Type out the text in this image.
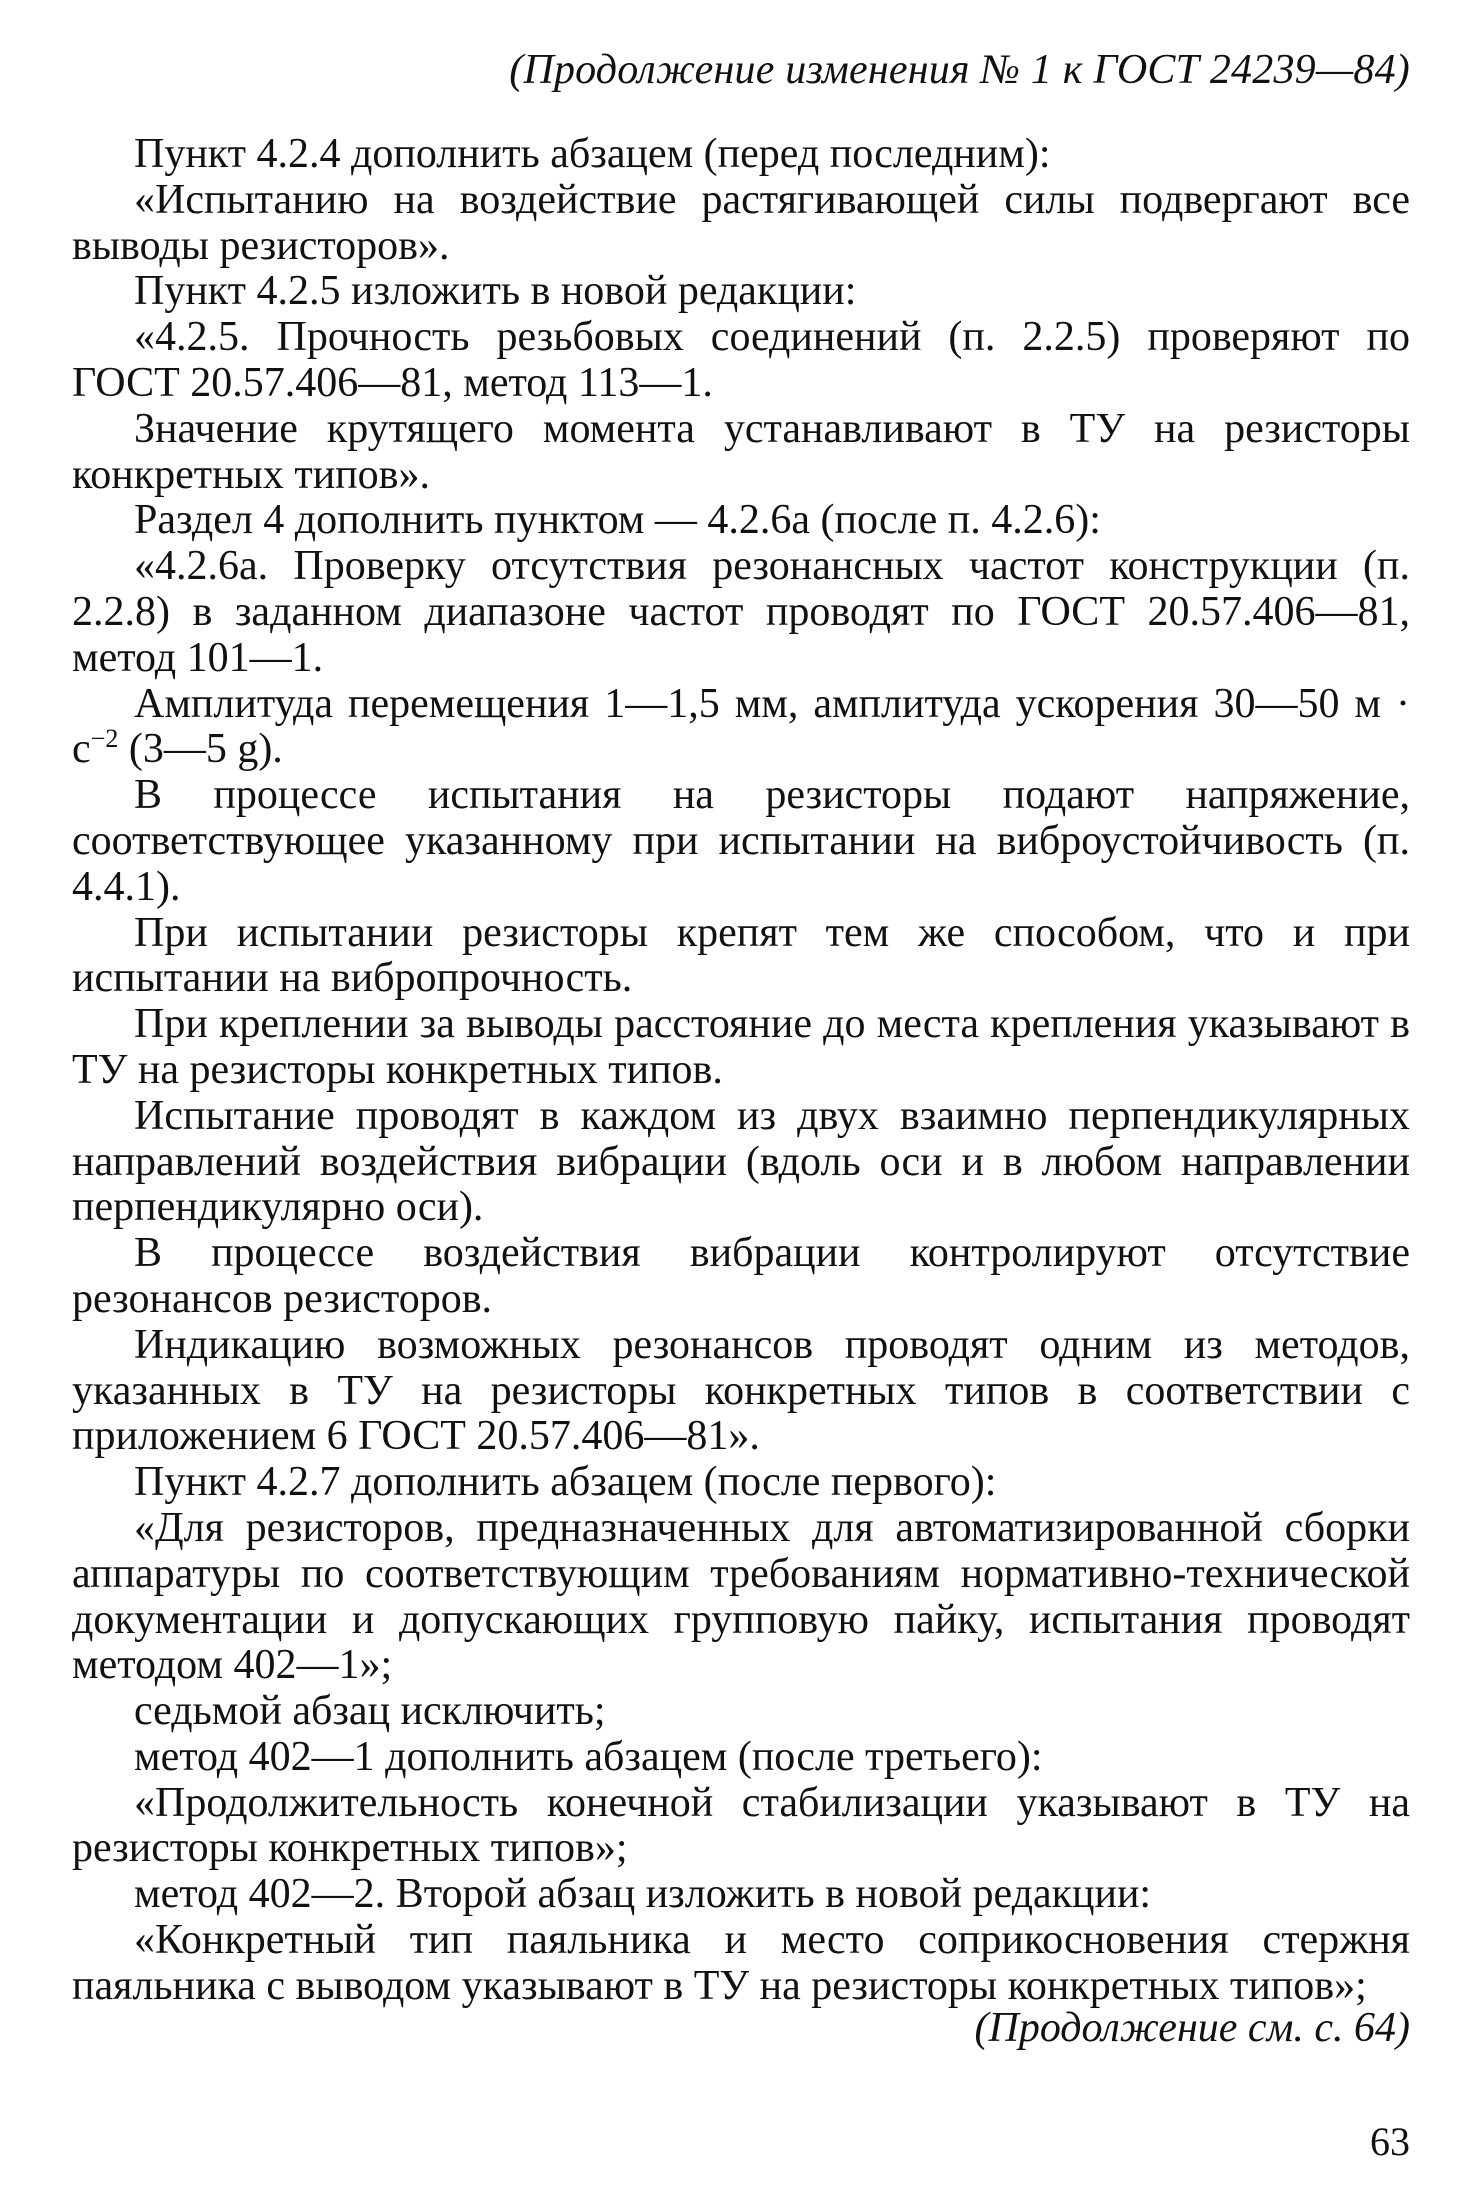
(Продолжение изменения № 1 к ГОСТ 24239—84)

Пункт 4.2.4 дополнить абзацем (перед последним):

«Испытанию на воздействие растягивающей силы подвергают все выводы резисторов».

Пункт 4.2.5 изложить в новой редакции:

«4.2.5. Прочность резьбовых соединений (п. 2.2.5) проверяют по ГОСТ 20.57.406—81, метод 113—1.

Значение крутящего момента устанавливают в ТУ на резисторы конкретных типов».

Раздел 4 дополнить пунктом — 4.2.6а (после п. 4.2.6):

«4.2.6а. Проверку отсутствия резонансных частот конструкции (п. 2.2.8) в заданном диапазоне частот проводят по ГОСТ 20.57.406—81, метод 101—1.

Амплитуда перемещения 1—1,5 мм, амплитуда ускорения 30—50 $м \cdot с^{-2}$ (3—5 g).

В процессе испытания на резисторы подают напряжение, соответствующее указанному при испытании на виброустойчивость (п. 4.4.1).

При испытании резисторы крепят тем же способом, что и при испытании на вибропрочность.

При креплении за выводы расстояние до места крепления указывают в ТУ на резисторы конкретных типов.

Испытание проводят в каждом из двух взаимно перпендикулярных направлений воздействия вибрации (вдоль оси и в любом направлении перпендикулярно оси).

В процессе воздействия вибрации контролируют отсутствие резонансов резисторов.

Индикацию возможных резонансов проводят одним из методов, указанных в ТУ на резисторы конкретных типов в соответствии с приложением 6 ГОСТ 20.57.406—81».

Пункт 4.2.7 дополнить абзацем (после первого):

«Для резисторов, предназначенных для автоматизированной сборки аппаратуры по соответствующим требованиям нормативно-технической документации и допускающих групповую пайку, испытания проводят методом 402—1»;

седьмой абзац исключить;

метод 402—1 дополнить абзацем (после третьего):

«Продолжительность конечной стабилизации указывают в ТУ на резисторы конкретных типов»;

метод 402—2. Второй абзац изложить в новой редакции:

«Конкретный тип паяльника и место соприкосновения стержня паяльника с выводом указывают в ТУ на резисторы конкретных типов»;

(Продолжение см. с. 64)
63
